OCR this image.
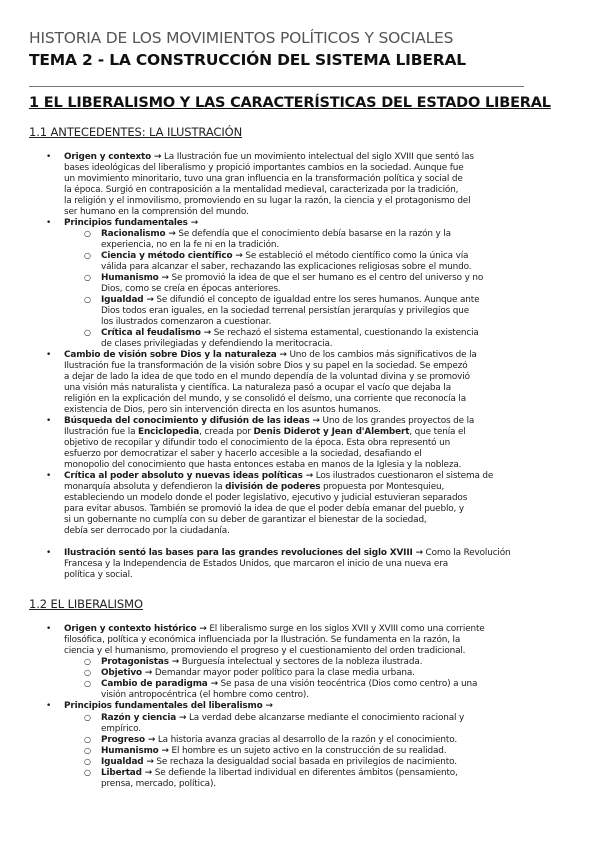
HISTORIA DE LOS MOVIMIENTOS POLÍTICOS Y SOCIALES
TEMA 2 - LA CONSTRUCCIÓN DEL SISTEMA LIBERAL
1 EL LIBERALISMO Y LAS CARACTERÍSTICAS DEL ESTADO LIBERAL
1.1 ANTECEDENTES: LA ILUSTRACIÓN
• Origen y contexto → La Ilustración fue un movimiento intelectual del siglo XVIII que sentó las
bases ideológicas del liberalismo y propició importantes cambios en la sociedad. Aunque fue
un movimiento minoritario, tuvo una gran influencia en la transformación política y social de
la época. Surgió en contraposición a la mentalidad medieval, caracterizada por la tradición,
la religión y el inmovilismo, promoviendo en su lugar la razón, la ciencia y el protagonismo del
ser humano en la comprensión del mundo.
• Principios fundamentales →
○ Racionalismo → Se defendía que el conocimiento debía basarse en la razón y la
experiencia, no en la fe ni en la tradición.
○ Ciencia y método científico → Se estableció el método científico como la única vía
válida para alcanzar el saber, rechazando las explicaciones religiosas sobre el mundo.
○ Humanismo → Se promovió la idea de que el ser humano es el centro del universo y no
Dios, como se creía en épocas anteriores.
○ Igualdad → Se difundió el concepto de igualdad entre los seres humanos. Aunque ante
Dios todos eran iguales, en la sociedad terrenal persistían jerarquías y privilegios que
los ilustrados comenzaron a cuestionar.
○ Crítica al feudalismo → Se rechazó el sistema estamental, cuestionando la existencia
de clases privilegiadas y defendiendo la meritocracia.
• Cambio de visión sobre Dios y la naturaleza → Uno de los cambios más significativos de la
Ilustración fue la transformación de la visión sobre Dios y su papel en la sociedad. Se empezó
a dejar de lado la idea de que todo en el mundo dependía de la voluntad divina y se promovió
una visión más naturalista y científica. La naturaleza pasó a ocupar el vacío que dejaba la
religión en la explicación del mundo, y se consolidó el deísmo, una corriente que reconocía la
existencia de Dios, pero sin intervención directa en los asuntos humanos.
• Búsqueda del conocimiento y difusión de las ideas → Uno de los grandes proyectos de la
Ilustración fue la Enciclopedia, creada por Denis Diderot y Jean d'Alembert, que tenía el
objetivo de recopilar y difundir todo el conocimiento de la época. Esta obra representó un
esfuerzo por democratizar el saber y hacerlo accesible a la sociedad, desafiando el
monopolio del conocimiento que hasta entonces estaba en manos de la Iglesia y la nobleza.
• Crítica al poder absoluto y nuevas ideas políticas → Los ilustrados cuestionaron el sistema de
monarquía absoluta y defendieron la división de poderes propuesta por Montesquieu,
estableciendo un modelo donde el poder legislativo, ejecutivo y judicial estuvieran separados
para evitar abusos. También se promovió la idea de que el poder debía emanar del pueblo, y
si un gobernante no cumplía con su deber de garantizar el bienestar de la sociedad,
debía ser derrocado por la ciudadanía.
• Ilustración sentó las bases para las grandes revoluciones del siglo XVIII → Como la Revolución
Francesa y la Independencia de Estados Unidos, que marcaron el inicio de una nueva era
política y social.
1.2 EL LIBERALISMO
• Origen y contexto histórico → El liberalismo surge en los siglos XVII y XVIII como una corriente
filosófica, política y económica influenciada por la Ilustración. Se fundamenta en la razón, la
ciencia y el humanismo, promoviendo el progreso y el cuestionamiento del orden tradicional.
○ Protagonistas → Burguesía intelectual y sectores de la nobleza ilustrada.
○ Objetivo → Demandar mayor poder político para la clase media urbana.
○ Cambio de paradigma → Se pasa de una visión teocéntrica (Dios como centro) a una
visión antropocéntrica (el hombre como centro).
• Principios fundamentales del liberalismo →
○ Razón y ciencia → La verdad debe alcanzarse mediante el conocimiento racional y
empírico.
○ Progreso → La historia avanza gracias al desarrollo de la razón y el conocimiento.
○ Humanismo → El hombre es un sujeto activo en la construcción de su realidad.
○ Igualdad → Se rechaza la desigualdad social basada en privilegios de nacimiento.
○ Libertad → Se defiende la libertad individual en diferentes ámbitos (pensamiento,
prensa, mercado, política).
